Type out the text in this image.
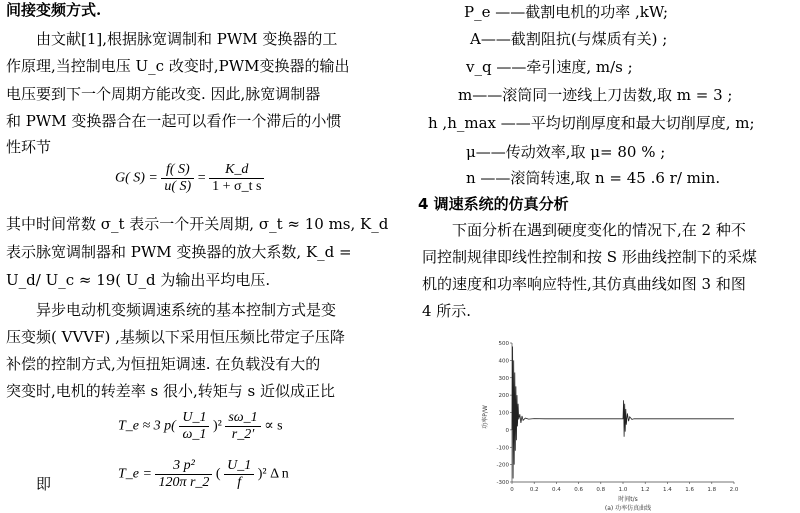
间接变频方式.
由文献[1],根据脉宽调制和 PWM 变换器的工
作原理,当控制电压 U_c 改变时,PWM变换器的输出
电压要到下一个周期方能改变. 因此,脉宽调制器
和 PWM 变换器合在一起可以看作一个滞后的小惯
性环节
G( $S) = \frac{f( S)}{u( S)} = \frac{K\_d}{\text{1 + σ\_t s}}$
其中时间常数 σ_t 表示一个开关周期, σ_t ≈ 10 ms, K_d
表示脉宽调制器和 PWM 变换器的放大系数, K_d =
U_d/ U_c ≈ 19( U_d 为输出平均电压.
异步电动机变频调速系统的基本控制方式是变
压变频( VVVF) ,基频以下采用恒压频比带定子压降
补偿的控制方式,为恒扭矩调速. 在负载没有大的
突变时,电机的转差率 s 很小,转矩与 s 近似成正比
T_e ≈ 3 $p( \frac{U\_1}{\omega\_1} )^2 \frac{s\omega\_1}{r\_2'} \propto s$
即
T_e = $\frac{\text{3 p²}}{\text{120π r\_2}}$ ( $\frac{U\_1}{f} )^2$ Δ n
P_e ——截割电机的功率 ,kW;
A——截割阻抗(与煤质有关) ;
v_q ——牵引速度, m/s ;
m——滚筒同一迹线上刀齿数,取 m = 3 ;
h ,h_max ——平均切削厚度和最大切削厚度, m;
μ——传动效率,取 μ= 80 % ;
n ——滚筒转速,取 n = 45 .6 r/ min.
4 调速系统的仿真分析
下面分析在遇到硬度变化的情况下,在 2 种不
同控制规律即线性控制和按 S 形曲线控制下的采煤
机的速度和功率响应特性,其仿真曲线如图 3 和图
4 所示.
500
400
300
200
100
0
-100
-200
-300
0	0.2 0.4 0.6 0.8 1.0 1.2 1.4 1.6 1.8 2.0
功率P/W
时间t/s
(a) 功率仿真曲线
